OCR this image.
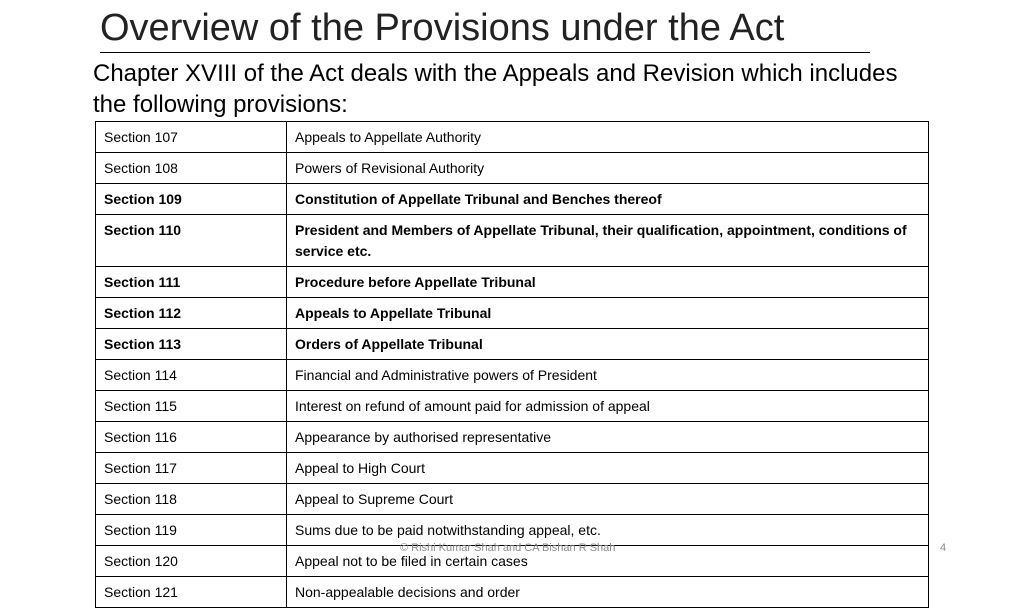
Overview of the Provisions under the Act

Chapter XVIII of the Act deals with the Appeals and Revision which includes the following provisions:

Section 107	Appeals to Appellate Authority
Section 108	Powers of Revisional Authority
Section 109	Constitution of Appellate Tribunal and Benches thereof
Section 110	President and Members of Appellate Tribunal, their qualification, appointment, conditions of service etc.
Section 111	Procedure before Appellate Tribunal
Section 112	Appeals to Appellate Tribunal
Section 113	Orders of Appellate Tribunal
Section 114	Financial and Administrative powers of President
Section 115	Interest on refund of amount paid for admission of appeal
Section 116	Appearance by authorised representative
Section 117	Appeal to High Court
Section 118	Appeal to Supreme Court
Section 119	Sums due to be paid notwithstanding appeal, etc.
Section 120	Appeal not to be filed in certain cases
Section 121	Non-appealable decisions and order
© Rishi Kumar Shah and CA Bishan R Shah	4
